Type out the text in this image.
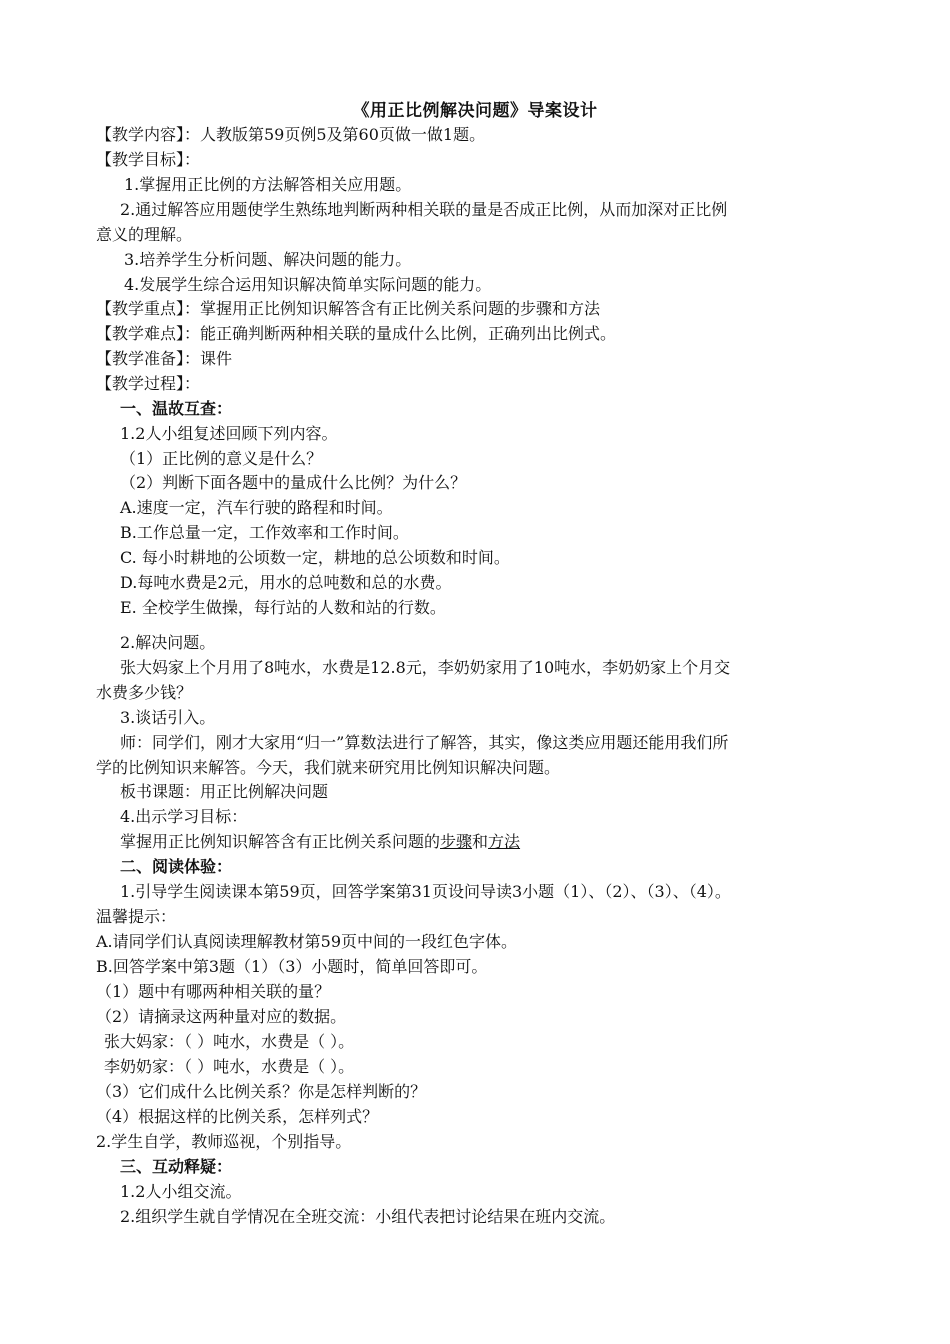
《用正比例解决问题》导案设计
【教学内容】：人教版第59页例5及第60页做一做1题。
【教学目标】：
1.掌握用正比例的方法解答相关应用题。
2.通过解答应用题使学生熟练地判断两种相关联的量是否成正比例，从而加深对正比例
意义的理解。
3.培养学生分析问题、解决问题的能力。
4.发展学生综合运用知识解决简单实际问题的能力。
【教学重点】：掌握用正比例知识解答含有正比例关系问题的步骤和方法
【教学难点】：能正确判断两种相关联的量成什么比例，正确列出比例式。
【教学准备】：课件
【教学过程】：
一、温故互查：
1.2人小组复述回顾下列内容。
（1）正比例的意义是什么？
（2）判断下面各题中的量成什么比例？为什么？
A.速度一定，汽车行驶的路程和时间。
B.工作总量一定，工作效率和工作时间。
C. 每小时耕地的公顷数一定，耕地的总公顷数和时间。
D.每吨水费是2元，用水的总吨数和总的水费。
E. 全校学生做操，每行站的人数和站的行数。
2.解决问题。
张大妈家上个月用了8吨水，水费是12.8元，李奶奶家用了10吨水，李奶奶家上个月交
水费多少钱？
3.谈话引入。
师：同学们，刚才大家用“归一”算数法进行了解答，其实，像这类应用题还能用我们所
学的比例知识来解答。今天，我们就来研究用比例知识解决问题。
板书课题：用正比例解决问题
4.出示学习目标：
掌握用正比例知识解答含有正比例关系问题的步骤和方法
二、阅读体验：
1.引导学生阅读课本第59页，回答学案第31页设问导读3小题（1）、（2）、（3）、（4）。
温馨提示：
A.请同学们认真阅读理解教材第59页中间的一段红色字体。
B.回答学案中第3题（1）（3）小题时，简单回答即可。
（1）题中有哪两种相关联的量？
（2）请摘录这两种量对应的数据。
张大妈家：（ ）吨水，水费是（ ）。
李奶奶家：（ ）吨水，水费是（ ）。
（3）它们成什么比例关系？你是怎样判断的？
（4）根据这样的比例关系，怎样列式？
2.学生自学，教师巡视，个别指导。
三、互动释疑：
1.2人小组交流。
2.组织学生就自学情况在全班交流：小组代表把讨论结果在班内交流。
